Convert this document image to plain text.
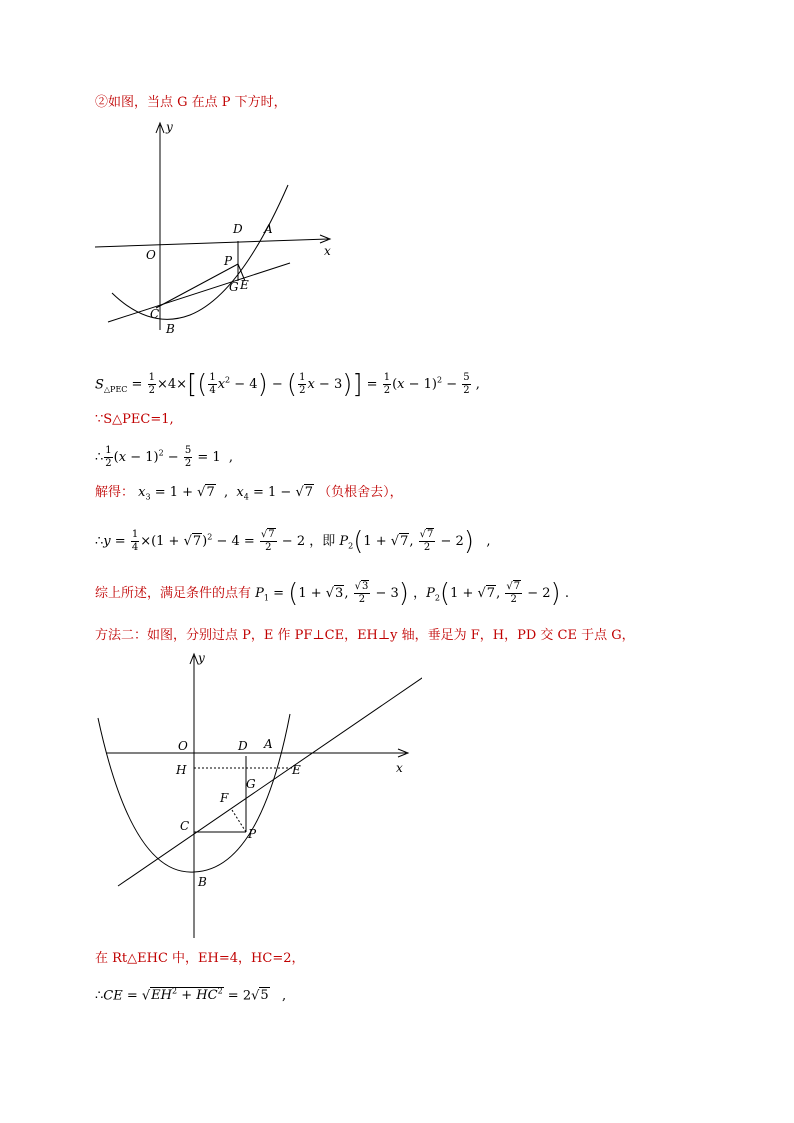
②如图，当点 G 在点 P 下方时，
y
x
O
D A
P
G E
C
B
$S_{\triangle PEC} = \frac{1}{2} \times 4\times[( \frac{1}{4} x^2 - 4)$ − ( $\frac{1}{2}$ $x - 3)] = \frac{1}{2} (x - 1)^2 - \frac{5}{2}$ ,
∵S△PEC=1,
∴ $\frac{1}{2} (x - 1)^2 - \frac{5}{2} = 1$  ,
解得： $x_3 = 1 + √7$  ,  $x_4 = 1 - √7$ （负根舍去），
∴y = $\frac{1}{4} \times(1 + √7)^2 - 4 = \frac{√7}{2} - 2$ ，即 $P_2(1 + √7$, $\frac{√7}{2} - 2$)   ,
综上所述，满足条件的点有 $P_1 = (1 + √3$, $\frac{√3}{2} - 3$) ，$P_2(1 + √7$, $\frac{√7}{2} - 2$) .
方法二：如图，分别过点 P，E 作 PF⊥CE，EH⊥y 轴，垂足为 F，H，PD 交 CE 于点 G，
O
y
x
D A
H	E
G
F
C
P
B
在 Rt△EHC 中，EH=4，HC=2，
∴CE = $√EH^2 + HC^2 = 2√5$   ,
